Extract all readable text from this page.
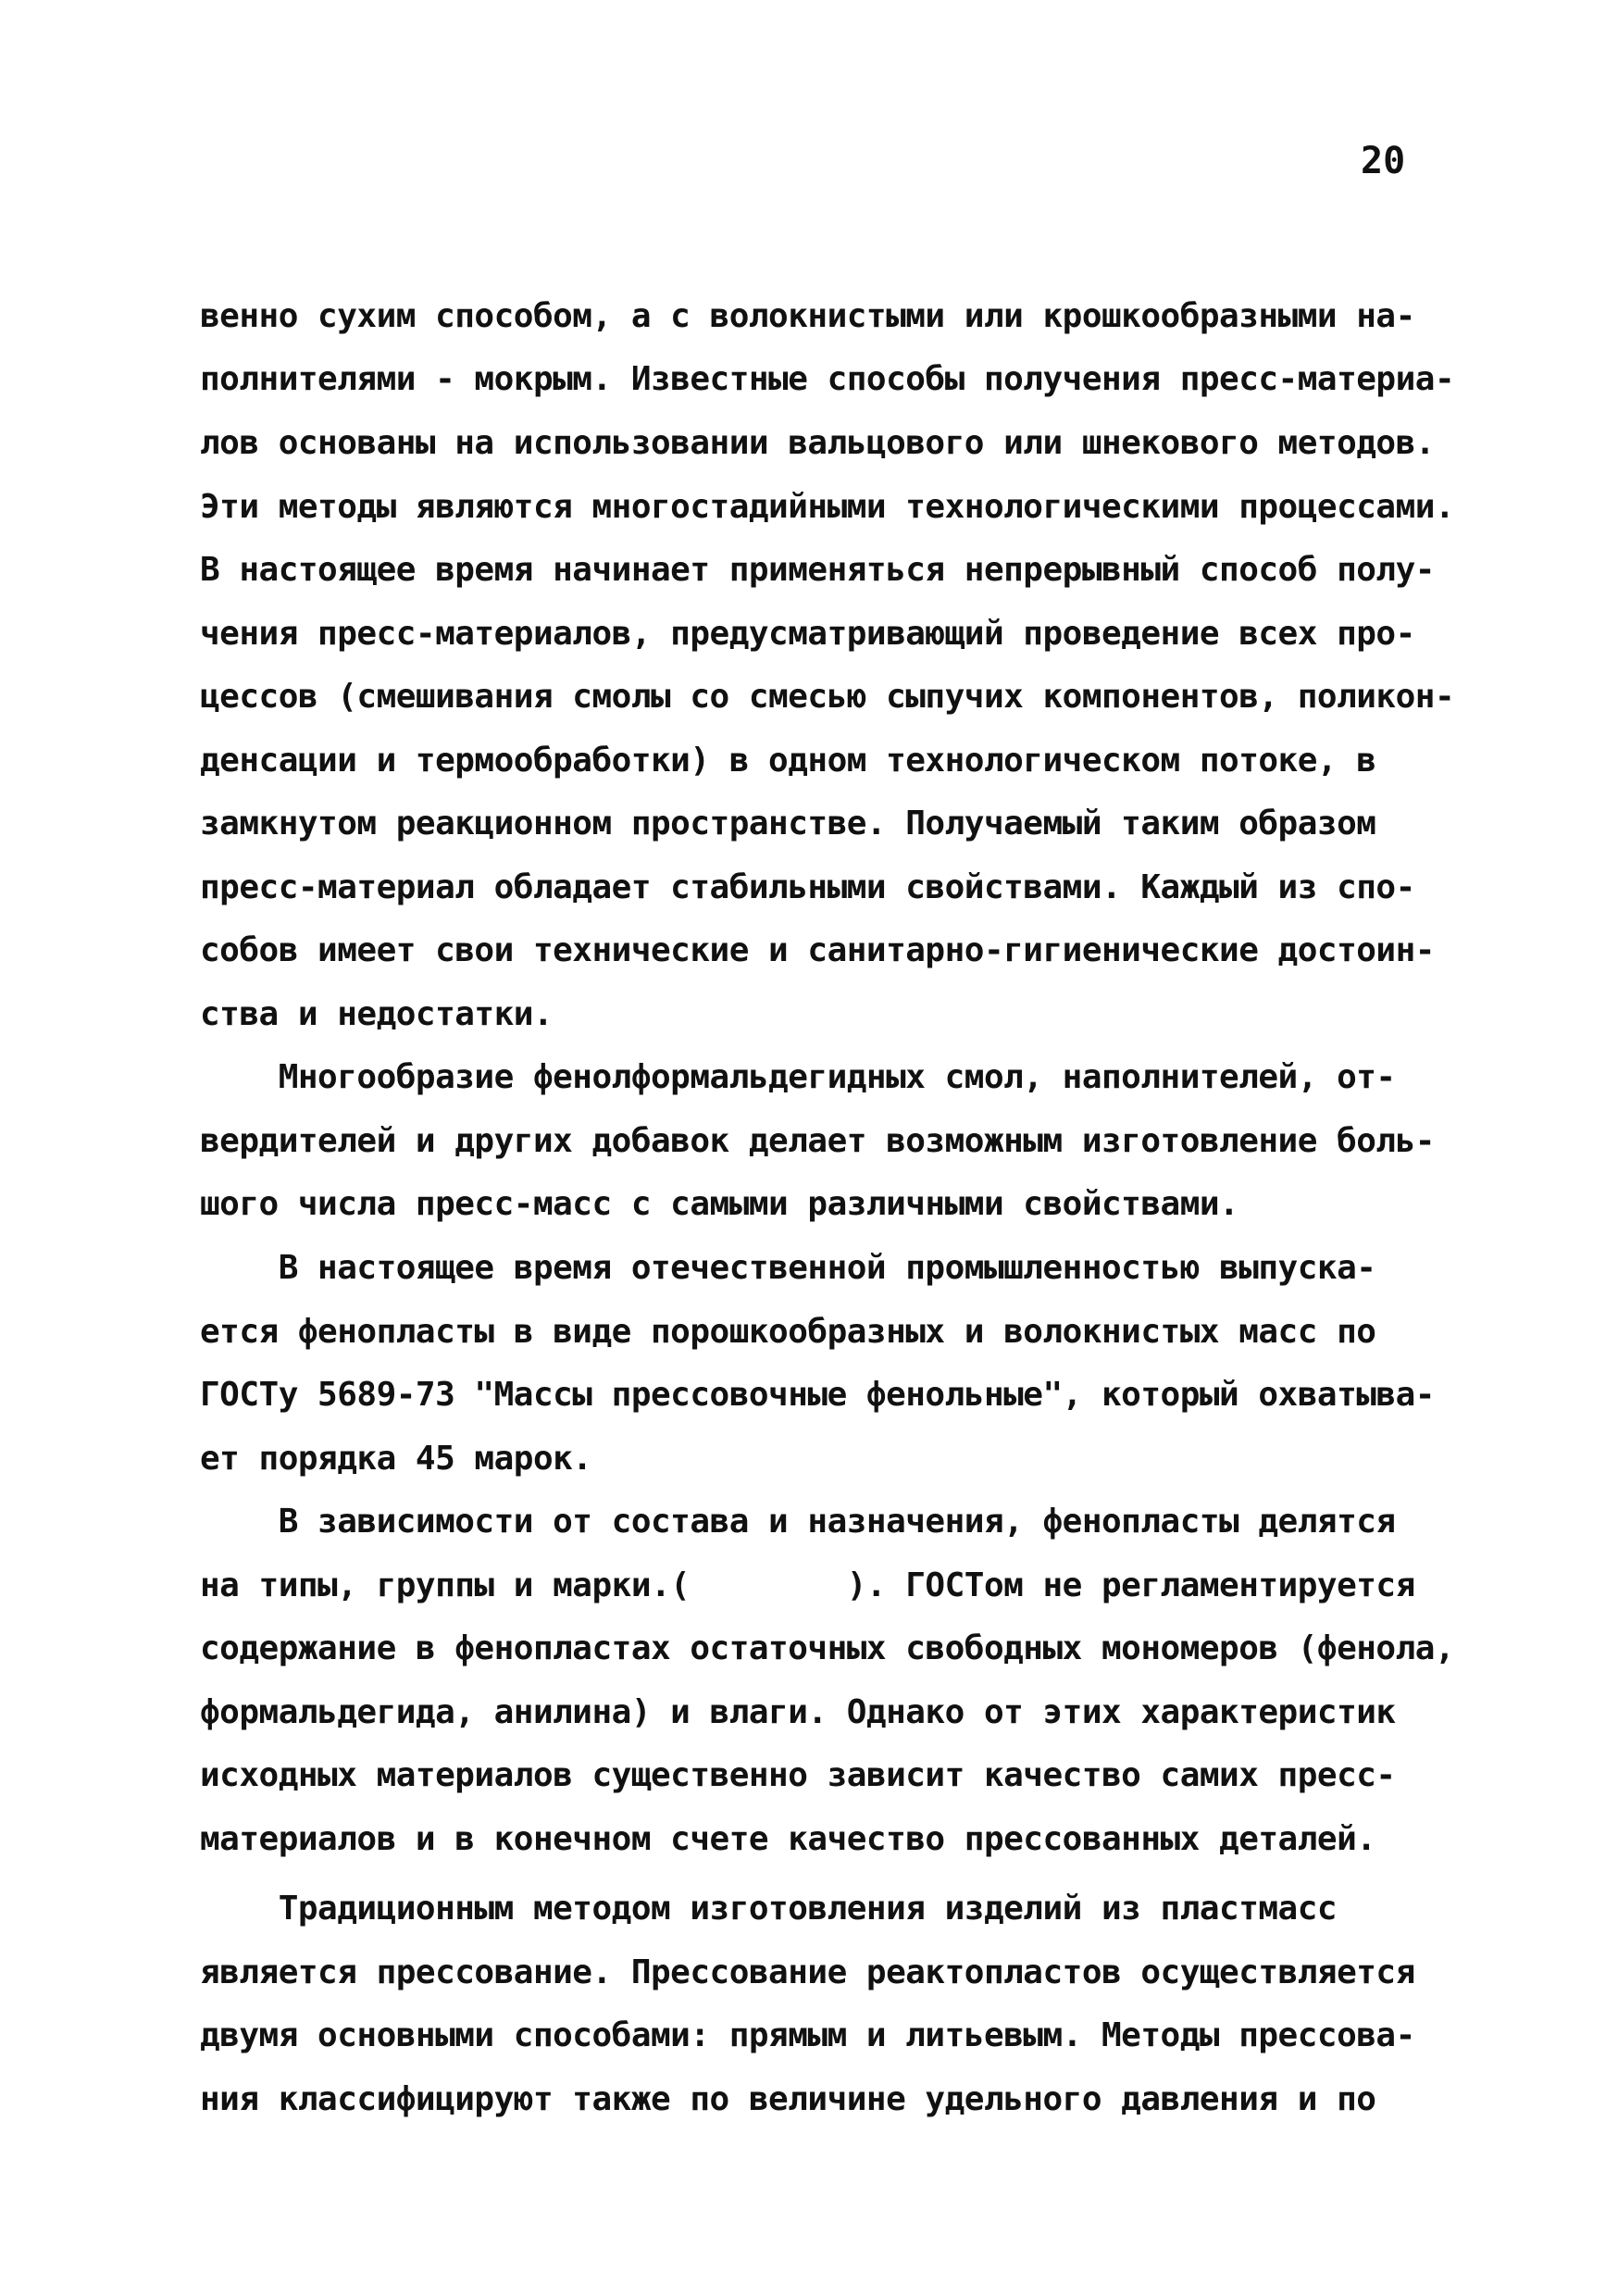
20
венно сухим способом, а с волокнистыми или крошкообразными на-
полнителями - мокрым. Известные способы получения пресс-материа-
лов основаны на использовании вальцового или шнекового методов.
Эти методы являются многостадийными технологическими процессами.
В настоящее время начинает применяться непрерывный способ полу-
чения пресс-материалов, предусматривающий проведение всех про-
цессов (смешивания смолы со смесью сыпучих компонентов, поликон-
денсации и термообработки) в одном технологическом потоке, в
замкнутом реакционном пространстве. Получаемый таким образом
пресс-материал обладает стабильными свойствами. Каждый из спо-
собов имеет свои технические и санитарно-гигиенические достоин-
ства и недостатки.
Многообразие фенолформальдегидных смол, наполнителей, от-
вердителей и других добавок делает возможным изготовление боль-
шого числа пресс-масс с самыми различными свойствами.
В настоящее время отечественной промышленностью выпуска-
ется фенопласты в виде порошкообразных и волокнистых масс по
ГОСТу 5689-73 "Массы прессовочные фенольные", который охватыва-
ет порядка 45 марок.
В зависимости от состава и назначения, фенопласты делятся
на типы, группы и марки.(        ). ГОСТом не регламентируется
содержание в фенопластах остаточных свободных мономеров (фенола,
формальдегида, анилина) и влаги. Однако от этих характеристик
исходных материалов существенно зависит качество самих пресс-
материалов и в конечном счете качество прессованных деталей.
Традиционным методом изготовления изделий из пластмасс
является прессование. Прессование реактопластов осуществляется
двумя основными способами: прямым и литьевым. Методы прессова-
ния классифицируют также по величине удельного давления и по
